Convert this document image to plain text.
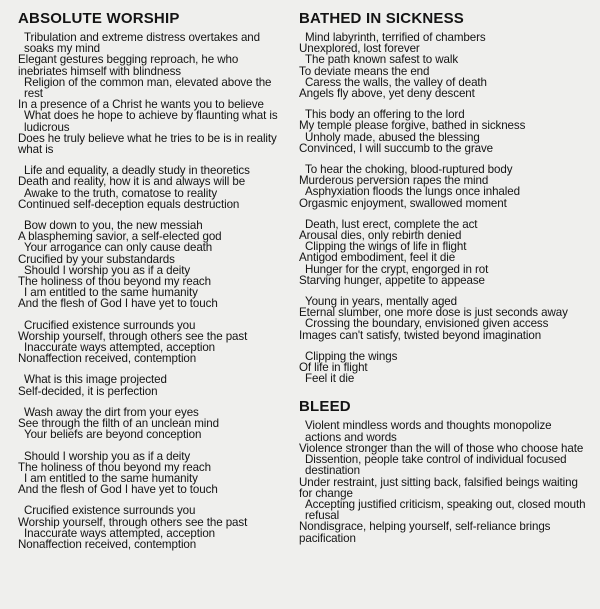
ABSOLUTE WORSHIP
Tribulation and extreme distress overtakes and soaks my mind
Elegant gestures begging reproach, he who inebriates himself with blindness
Religion of the common man, elevated above the rest
In a presence of a Christ he wants you to believe
What does he hope to achieve by flaunting what is ludicrous
Does he truly believe what he tries to be is in reality what is
Life and equality, a deadly study in theoretics
Death and reality, how it is and always will be
Awake to the truth, comatose to reality
Continued self-deception equals destruction
Bow down to you, the new messiah
A blaspheming savior, a self-elected god
Your arrogance can only cause death
Crucified by your substandards
Should I worship you as if a deity
The holiness of thou beyond my reach
I am entitled to the same humanity
And the flesh of God I have yet to touch
Crucified existence surrounds you
Worship yourself, through others see the past
Inaccurate ways attempted, acception
Nonaffection received, contemption
What is this image projected
Self-decided, it is perfection
Wash away the dirt from your eyes
See through the filth of an unclean mind
Your beliefs are beyond conception
Should I worship you as if a deity
The holiness of thou beyond my reach
I am entitled to the same humanity
And the flesh of God I have yet to touch
Crucified existence surrounds you
Worship yourself, through others see the past
Inaccurate ways attempted, acception
Nonaffection received, contemption
BATHED IN SICKNESS
Mind labyrinth, terrified of chambers
Unexplored, lost forever
The path known safest to walk
To deviate means the end
Caress the walls, the valley of death
Angels fly above, yet deny descent
This body an offering to the lord
My temple please forgive, bathed in sickness
Unholy made, abused the blessing
Convinced, I will succumb to the grave
To hear the choking, blood-ruptured body
Murderous perversion rapes the mind
Asphyxiation floods the lungs once inhaled
Orgasmic enjoyment, swallowed moment
Death, lust erect, complete the act
Arousal dies, only rebirth denied
Clipping the wings of life in flight
Antigod embodiment, feel it die
Hunger for the crypt, engorged in rot
Starving hunger, appetite to appease
Young in years, mentally aged
Eternal slumber, one more dose is just seconds away
Crossing the boundary, envisioned given access
Images can't satisfy, twisted beyond imagination
Clipping the wings
Of life in flight
Feel it die
BLEED
Violent mindless words and thoughts monopolize actions and words
Violence stronger than the will of those who choose hate
Dissention, people take control of individual focused destination
Under restraint, just sitting back, falsified beings waiting for change
Accepting justified criticism, speaking out, closed mouth refusal
Nondisgrace, helping yourself, self-reliance brings pacification
